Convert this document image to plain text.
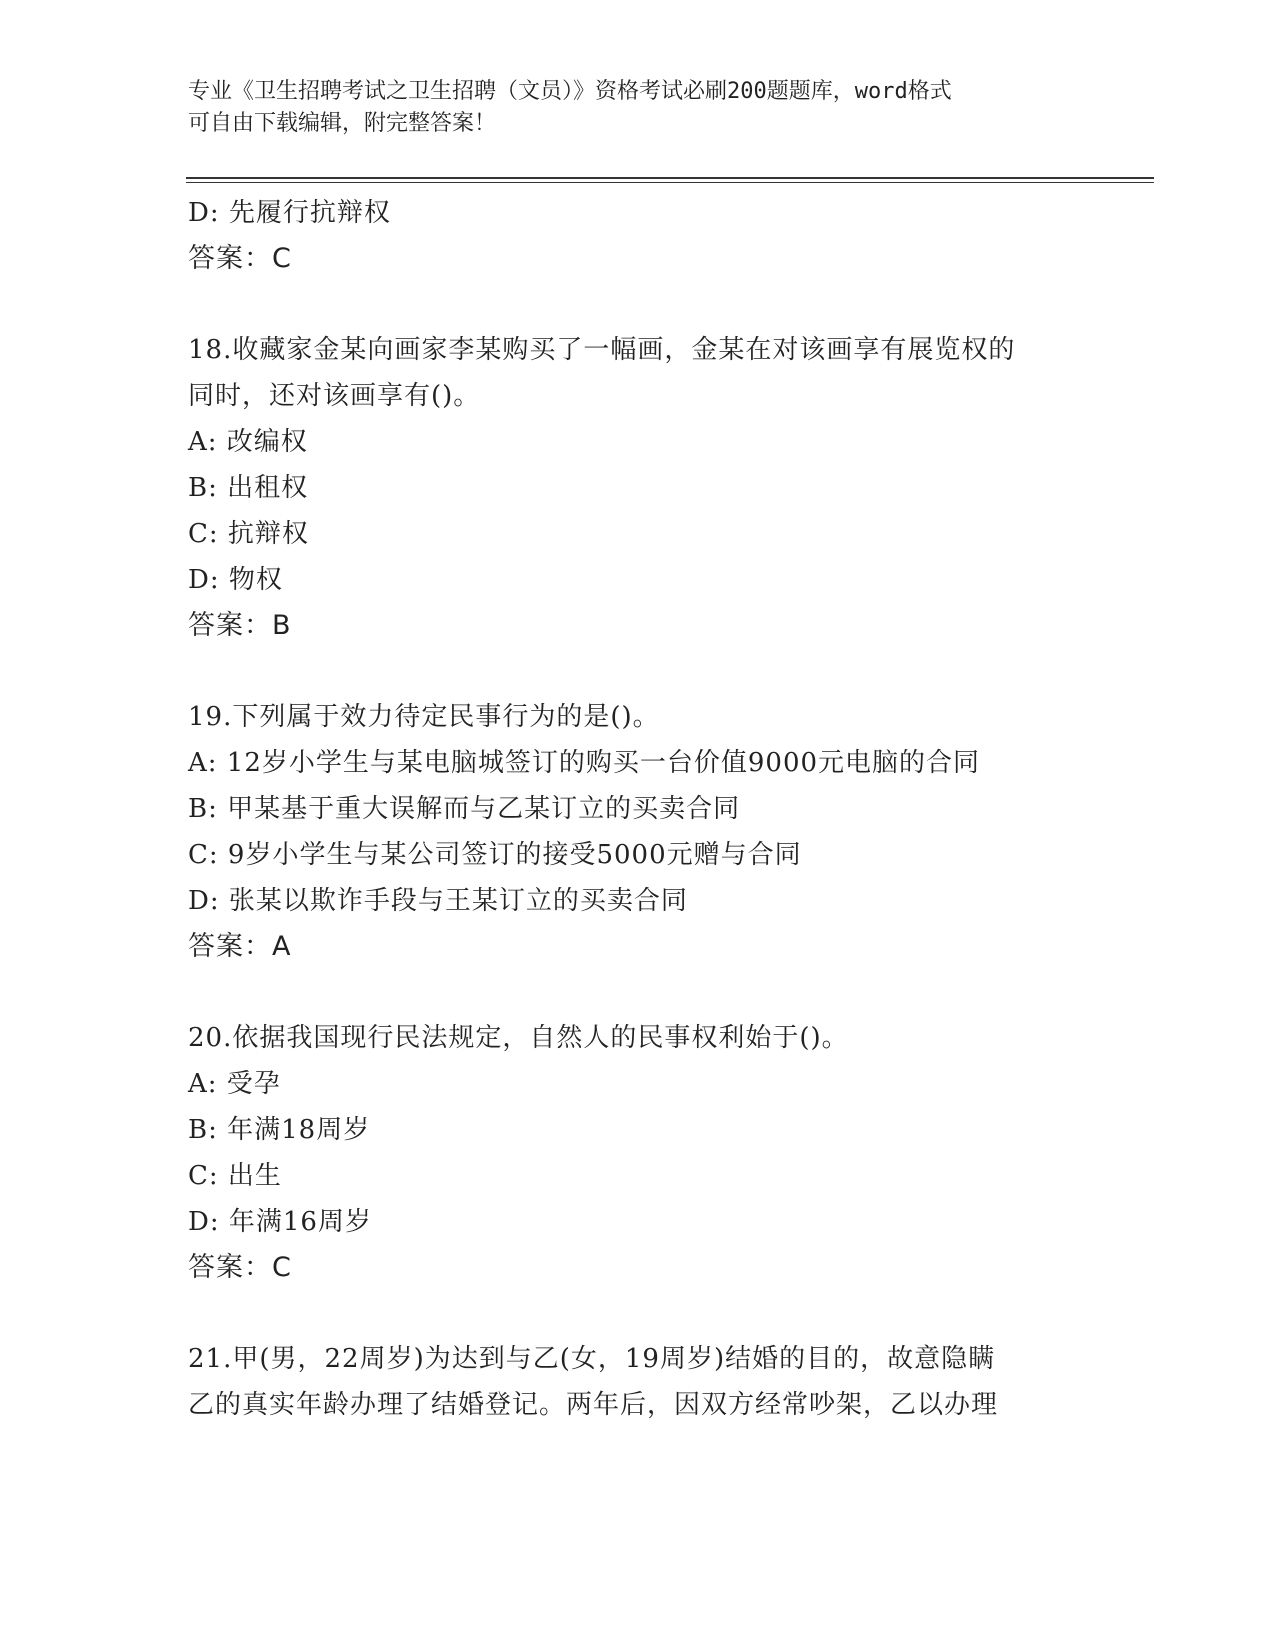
专业《卫生招聘考试之卫生招聘（文员）》资格考试必刷200题题库，word格式
可自由下载编辑，附完整答案！
D: 先履行抗辩权
答案：C
18.收藏家金某向画家李某购买了一幅画，金某在对该画享有展览权的
同时，还对该画享有()。
A: 改编权
B: 出租权
C: 抗辩权
D: 物权
答案：B
19.下列属于效力待定民事行为的是()。
A: 12岁小学生与某电脑城签订的购买一台价值9000元电脑的合同
B: 甲某基于重大误解而与乙某订立的买卖合同
C: 9岁小学生与某公司签订的接受5000元赠与合同
D: 张某以欺诈手段与王某订立的买卖合同
答案：A
20.依据我国现行民法规定，自然人的民事权利始于()。
A: 受孕
B: 年满18周岁
C: 出生
D: 年满16周岁
答案：C
21.甲(男，22周岁)为达到与乙(女，19周岁)结婚的目的，故意隐瞒
乙的真实年龄办理了结婚登记。两年后，因双方经常吵架，乙以办理
